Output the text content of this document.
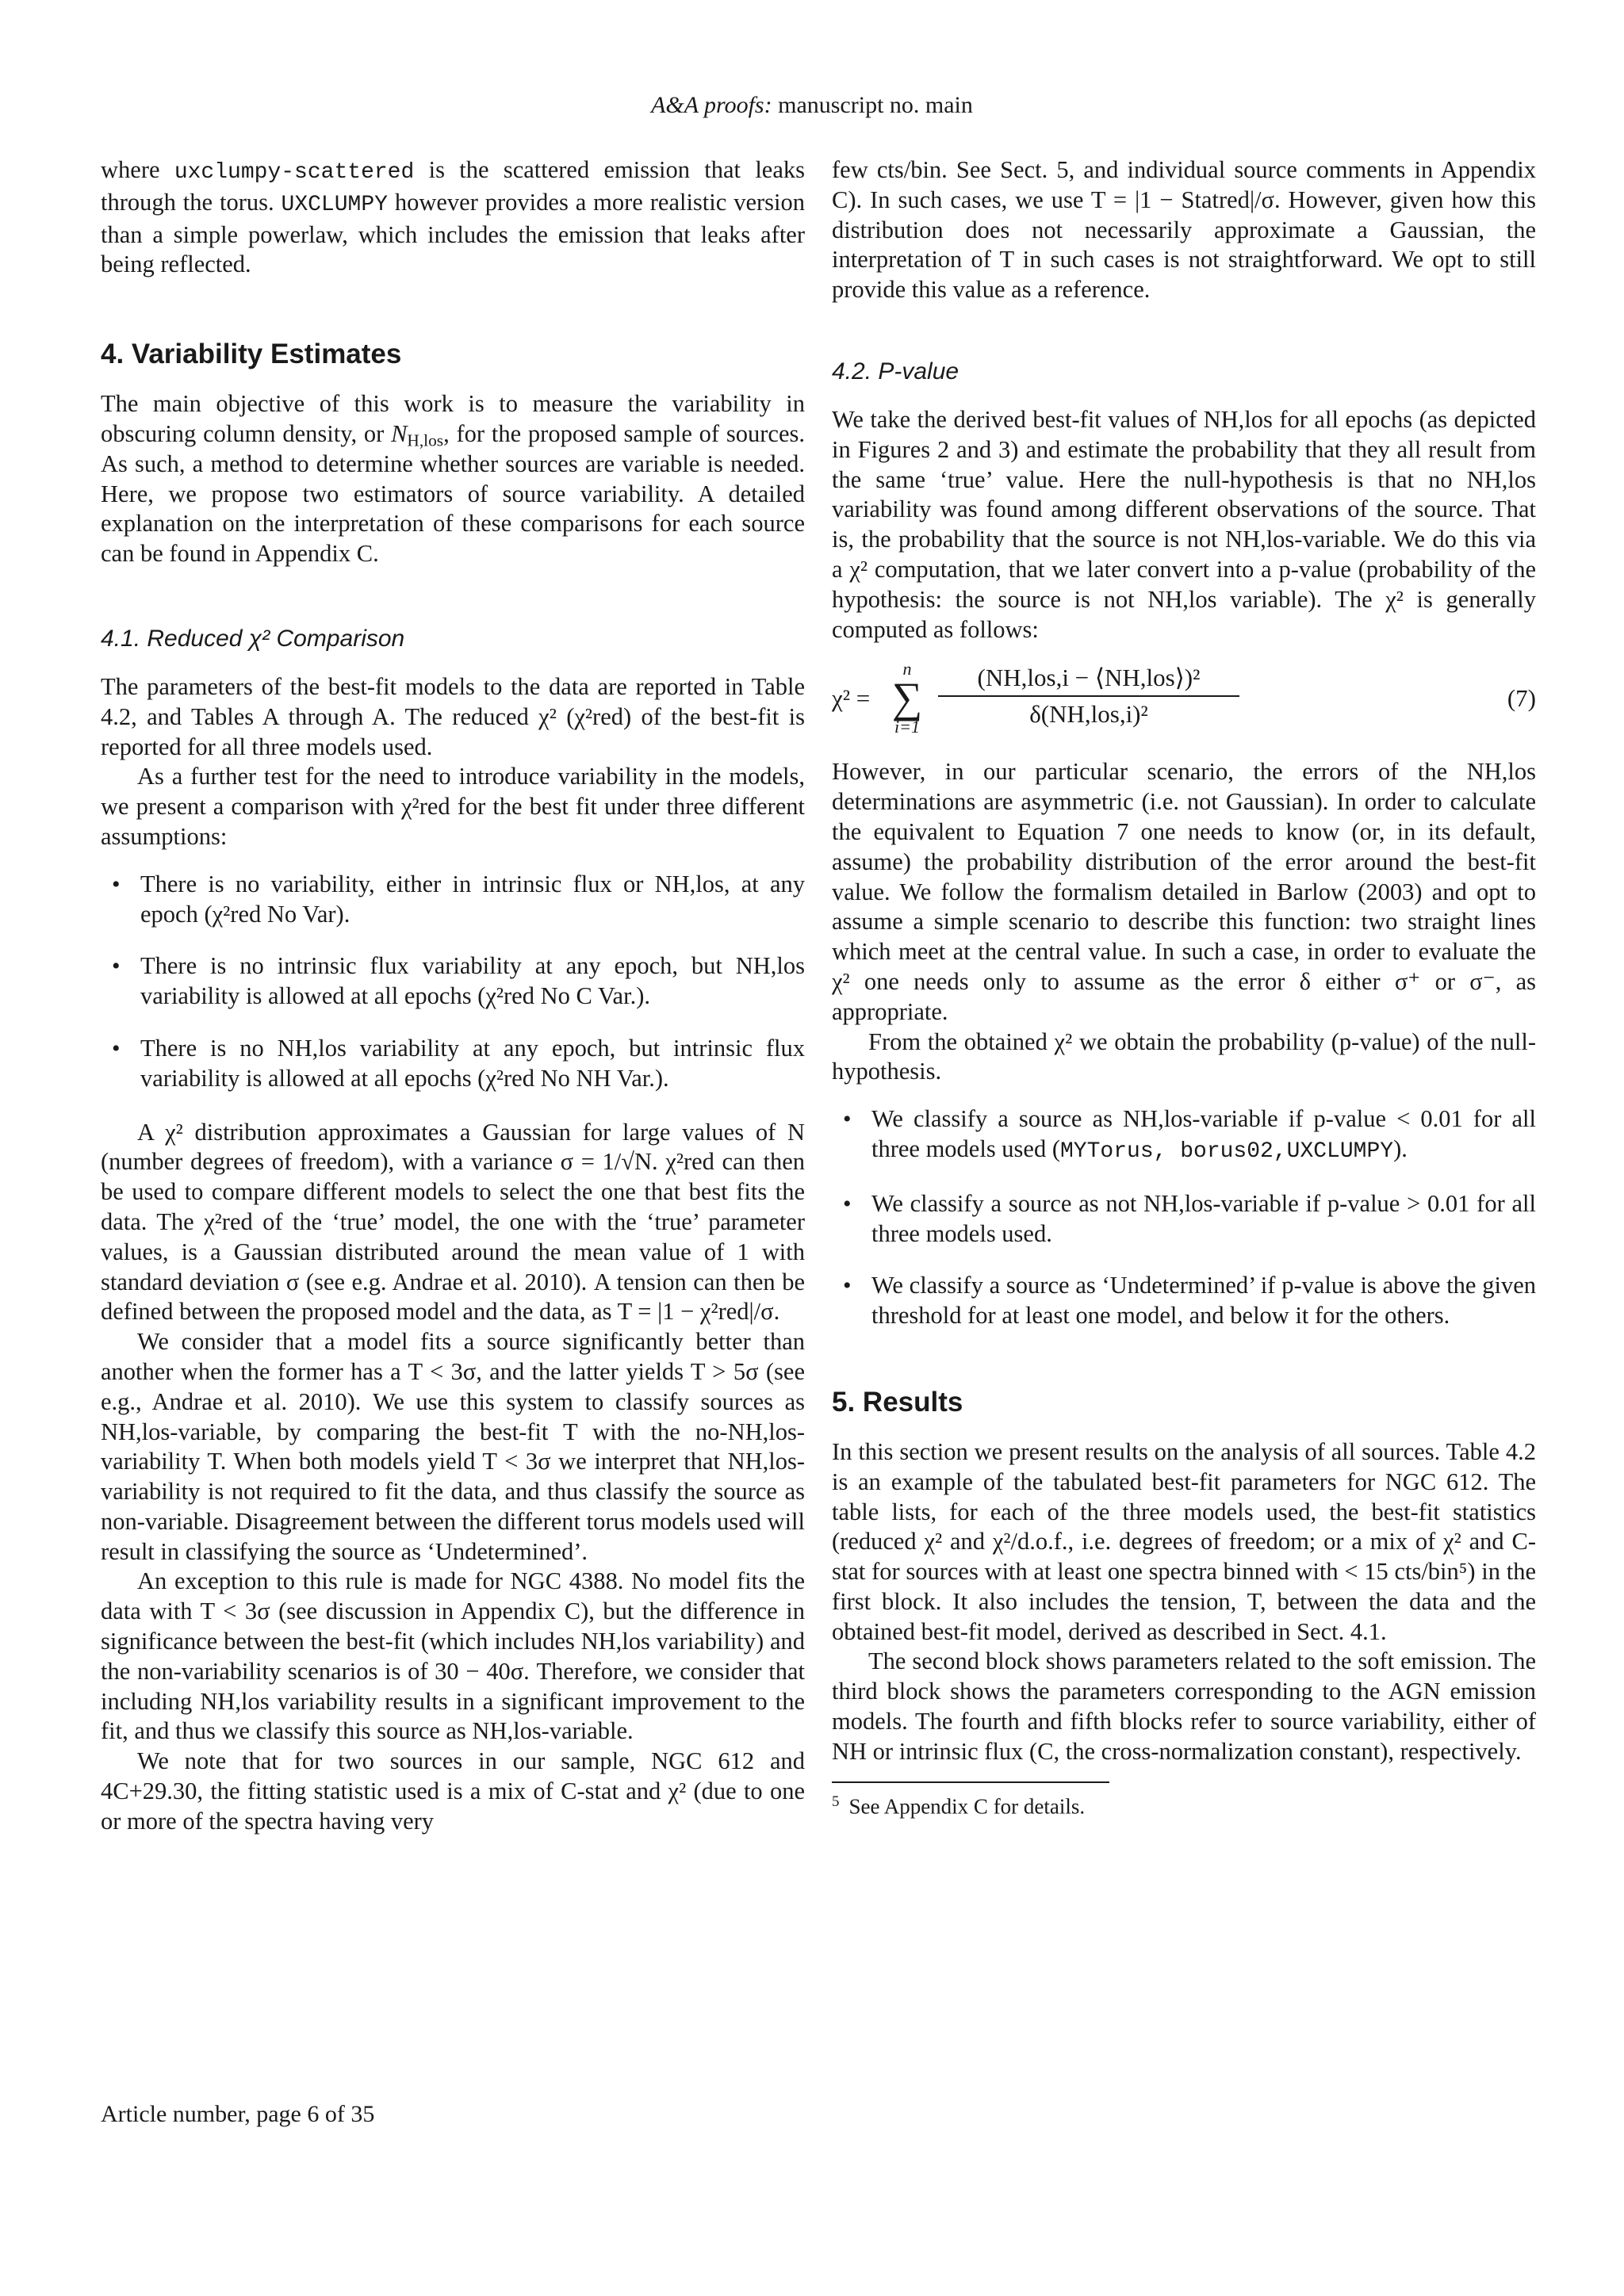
A&A proofs: manuscript no. main

where uxclumpy-scattered is the scattered emission that leaks through the torus. UXCLUMPY however provides a more realistic version than a simple powerlaw, which includes the emission that leaks after being reflected.

4. Variability Estimates

The main objective of this work is to measure the variability in obscuring column density, or $N_{H,los}$, for the proposed sample of sources. As such, a method to determine whether sources are variable is needed. Here, we propose two estimators of source variability. A detailed explanation on the interpretation of these comparisons for each source can be found in Appendix C.

4.1. Reduced χ² Comparison

The parameters of the best-fit models to the data are reported in Table 4.2, and Tables A through A. The reduced χ² (χ²red) of the best-fit is reported for all three models used.

As a further test for the need to introduce variability in the models, we present a comparison with χ²red for the best fit under three different assumptions:

• There is no variability, either in intrinsic flux or NH,los, at any epoch (χ²red No Var).
• There is no intrinsic flux variability at any epoch, but NH,los variability is allowed at all epochs (χ²red No C Var.).
• There is no NH,los variability at any epoch, but intrinsic flux variability is allowed at all epochs (χ²red No NH Var.).

A χ² distribution approximates a Gaussian for large values of N (number degrees of freedom), with a variance σ = 1/√N. χ²red can then be used to compare different models to select the one that best fits the data. The χ²red of the ‘true’ model, the one with the ‘true’ parameter values, is a Gaussian distributed around the mean value of 1 with standard deviation σ (see e.g. Andrae et al. 2010). A tension can then be defined between the proposed model and the data, as T = |1 − χ²red|/σ.

We consider that a model fits a source significantly better than another when the former has a T < 3σ, and the latter yields T > 5σ (see e.g., Andrae et al. 2010). We use this system to classify sources as NH,los-variable, by comparing the best-fit T with the no-NH,los-variability T. When both models yield T < 3σ we interpret that NH,los-variability is not required to fit the data, and thus classify the source as non-variable. Disagreement between the different torus models used will result in classifying the source as ‘Undetermined’.

An exception to this rule is made for NGC 4388. No model fits the data with T < 3σ (see discussion in Appendix C), but the difference in significance between the best-fit (which includes NH,los variability) and the non-variability scenarios is of 30 − 40σ. Therefore, we consider that including NH,los variability results in a significant improvement to the fit, and thus we classify this source as NH,los-variable.

We note that for two sources in our sample, NGC 612 and 4C+29.30, the fitting statistic used is a mix of C-stat and χ² (due to one or more of the spectra having very

few cts/bin. See Sect. 5, and individual source comments in Appendix C). In such cases, we use T = |1 − Statred|/σ. However, given how this distribution does not necessarily approximate a Gaussian, the interpretation of T in such cases is not straightforward. We opt to still provide this value as a reference.

4.2. P-value

We take the derived best-fit values of NH,los for all epochs (as depicted in Figures 2 and 3) and estimate the probability that they all result from the same ‘true’ value. Here the null-hypothesis is that no NH,los variability was found among different observations of the source. That is, the probability that the source is not NH,los-variable. We do this via a χ² computation, that we later convert into a p-value (probability of the hypothesis: the source is not NH,los variable). The χ² is generally computed as follows:

χ² =
n
∑
i=1
(NH,los,i − ⟨NH,los⟩)²
δ(NH,los,i)²
(7)

However, in our particular scenario, the errors of the NH,los determinations are asymmetric (i.e. not Gaussian). In order to calculate the equivalent to Equation 7 one needs to know (or, in its default, assume) the probability distribution of the error around the best-fit value. We follow the formalism detailed in Barlow (2003) and opt to assume a simple scenario to describe this function: two straight lines which meet at the central value. In such a case, in order to evaluate the χ² one needs only to assume as the error δ either σ⁺ or σ⁻, as appropriate.

From the obtained χ² we obtain the probability (p-value) of the null-hypothesis.

• We classify a source as NH,los-variable if p-value < 0.01 for all three models used (MYTorus, borus02,UXCLUMPY).
• We classify a source as not NH,los-variable if p-value > 0.01 for all three models used.
• We classify a source as ‘Undetermined’ if p-value is above the given threshold for at least one model, and below it for the others.
5. Results

In this section we present results on the analysis of all sources. Table 4.2 is an example of the tabulated best-fit parameters for NGC 612. The table lists, for each of the three models used, the best-fit statistics (reduced χ² and χ²/d.o.f., i.e. degrees of freedom; or a mix of χ² and C-stat for sources with at least one spectra binned with < 15 cts/bin⁵) in the first block. It also includes the tension, T, between the data and the obtained best-fit model, derived as described in Sect. 4.1.

The second block shows parameters related to the soft emission. The third block shows the parameters corresponding to the AGN emission models. The fourth and fifth blocks refer to source variability, either of NH or intrinsic flux (C, the cross-normalization constant), respectively.

$^5$ See Appendix C for details.
Article number, page 6 of 35
